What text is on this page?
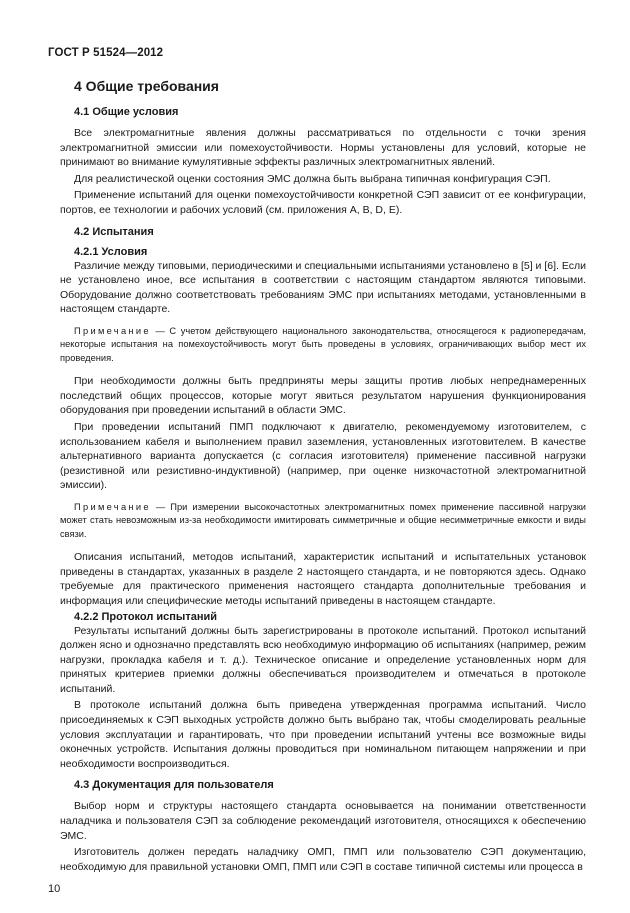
ГОСТ Р 51524—2012
4 Общие требования
4.1 Общие условия

Все электромагнитные явления должны рассматриваться по отдельности с точки зрения электромагнитной эмиссии или помехоустойчивости. Нормы установлены для условий, которые не принимают во внимание кумулятивные эффекты различных электромагнитных явлений.

Для реалистической оценки состояния ЭМС должна быть выбрана типичная конфигурация СЭП.

Применение испытаний для оценки помехоустойчивости конкретной СЭП зависит от ее конфигурации, портов, ее технологии и рабочих условий (см. приложения А, В, D, E).

4.2 Испытания
4.2.1 Условия

Различие между типовыми, периодическими и специальными испытаниями установлено в [5] и [6]. Если не установлено иное, все испытания в соответствии с настоящим стандартом являются типовыми. Оборудование должно соответствовать требованиям ЭМС при испытаниях методами, установленными в настоящем стандарте.

Примечание — С учетом действующего национального законодательства, относящегося к радиопередачам, некоторые испытания на помехоустойчивость могут быть проведены в условиях, ограничивающих выбор мест их проведения.

При необходимости должны быть предприняты меры защиты против любых непреднамеренных последствий общих процессов, которые могут явиться результатом нарушения функционирования оборудования при проведении испытаний в области ЭМС.

При проведении испытаний ПМП подключают к двигателю, рекомендуемому изготовителем, с использованием кабеля и выполнением правил заземления, установленных изготовителем. В качестве альтернативного варианта допускается (с согласия изготовителя) применение пассивной нагрузки (резистивной или резистивно-индуктивной) (например, при оценке низкочастотной электромагнитной эмиссии).

Примечание — При измерении высокочастотных электромагнитных помех применение пассивной нагрузки может стать невозможным из-за необходимости имитировать симметричные и общие несимметричные емкости и виды связи.

Описания испытаний, методов испытаний, характеристик испытаний и испытательных установок приведены в стандартах, указанных в разделе 2 настоящего стандарта, и не повторяются здесь. Однако требуемые для практического применения настоящего стандарта дополнительные требования и информация или специфические методы испытаний приведены в настоящем стандарте.

4.2.2 Протокол испытаний

Результаты испытаний должны быть зарегистрированы в протоколе испытаний. Протокол испытаний должен ясно и однозначно представлять всю необходимую информацию об испытаниях (например, режим нагрузки, прокладка кабеля и т. д.). Техническое описание и определение установленных норм для принятых критериев приемки должны обеспечиваться производителем и отмечаться в протоколе испытаний.

В протоколе испытаний должна быть приведена утвержденная программа испытаний. Число присоединяемых к СЭП выходных устройств должно быть выбрано так, чтобы смоделировать реальные условия эксплуатации и гарантировать, что при проведении испытаний учтены все возможные виды оконечных устройств. Испытания должны проводиться при номинальном питающем напряжении и при необходимости воспроизводиться.

4.3 Документация для пользователя

Выбор норм и структуры настоящего стандарта основывается на понимании ответственности наладчика и пользователя СЭП за соблюдение рекомендаций изготовителя, относящихся к обеспечению ЭМС.

Изготовитель должен передать наладчику ОМП, ПМП или пользователю СЭП документацию, необходимую для правильной установки ОМП, ПМП или СЭП в составе типичной системы или процесса в

10
